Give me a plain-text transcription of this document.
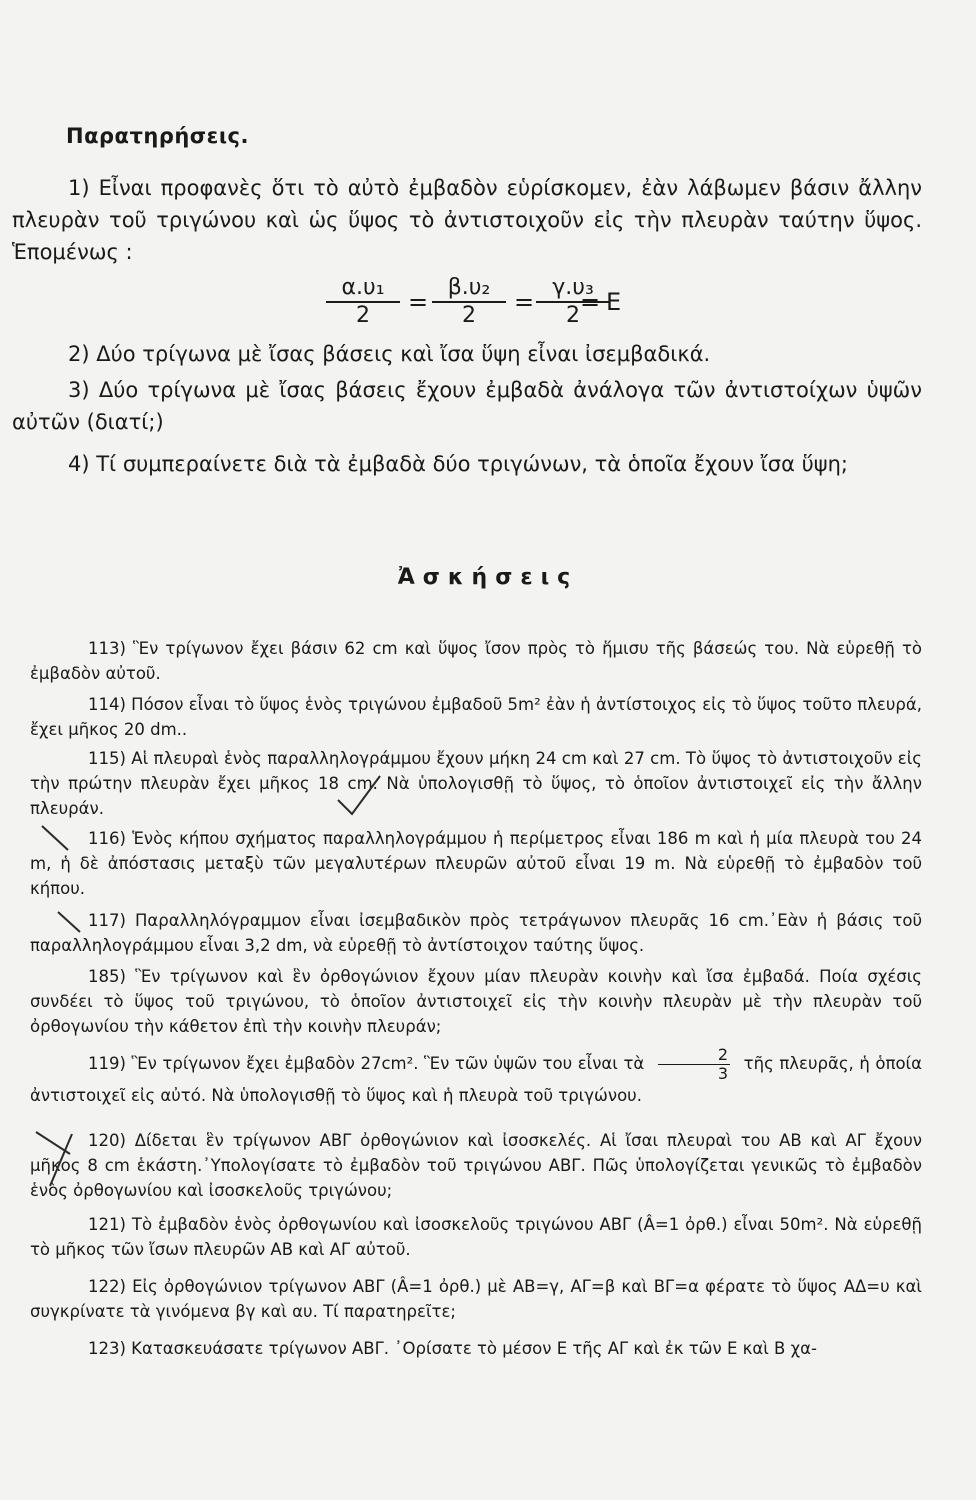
Παρατηρήσεις.
1) Εἶναι προφανὲς ὅτι τὸ αὐτὸ ἐμβαδὸν εὑρίσκομεν, ἐὰν λάβωμεν βάσιν ἄλλην πλευρὰν τοῦ τριγώνου καὶ ὡς ὕψος τὸ ἀντιστοιχοῦν εἰς τὴν πλευρὰν ταύτην ὕψος. Ἑπομένως :
$\frac{\text{α.υ₁}}{2} = \frac{\text{β.υ₂}}{2} = \frac{\text{γ.υ₃}}{2}$
= E
2) Δύο τρίγωνα μὲ ἴσας βάσεις καὶ ἴσα ὕψη εἶναι ἰσεμβαδικά.
3) Δύο τρίγωνα μὲ ἴσας βάσεις ἔχουν ἐμβαδὰ ἀνάλογα τῶν ἀντιστοίχων ὑψῶν αὐτῶν (διατί;)
4) Τί συμπεραίνετε διὰ τὰ ἐμβαδὰ δύο τριγώνων, τὰ ὁποῖα ἔχουν ἴσα ὕψη;
Ἀσκήσεις
113) Ἓν τρίγωνον ἔχει βάσιν 62 cm καὶ ὕψος ἴσον πρὸς τὸ ἥμισυ τῆς βάσεώς του. Νὰ εὑρεθῇ τὸ ἐμβαδὸν αὐτοῦ.
114) Πόσον εἶναι τὸ ὕψος ἑνὸς τριγώνου ἐμβαδοῦ 5m² ἐὰν ἡ ἀντίστοιχος εἰς τὸ ὕψος τοῦτο πλευρά, ἔχει μῆκος 20 dm..
115) Αἱ πλευραὶ ἑνὸς παραλληλογράμμου ἔχουν μήκη 24 cm καὶ 27 cm. Τὸ ὕψος τὸ ἀντιστοιχοῦν εἰς τὴν πρώτην πλευρὰν ἔχει μῆκος 18 cm. Νὰ ὑπολογισθῇ τὸ ὕψος, τὸ ὁποῖον ἀντιστοιχεῖ εἰς τὴν ἄλλην πλευράν.
116) Ἑνὸς κήπου σχήματος παραλληλογράμμου ἡ περίμετρος εἶναι 186 m καὶ ἡ μία πλευρὰ του 24 m, ἡ δὲ ἀπόστασις μεταξὺ τῶν μεγαλυτέρων πλευρῶν αὐτοῦ εἶναι 19 m. Νὰ εὑρεθῇ τὸ ἐμβαδὸν τοῦ κήπου.
117) Παραλληλόγραμμον εἶναι ἰσεμβαδικὸν πρὸς τετράγωνον πλευρᾶς 16 cm.᾿Εὰν ἡ βάσις τοῦ παραλληλογράμμου εἶναι 3,2 dm, νὰ εὑρεθῇ τὸ ἀντίστοιχον ταύτης ὕψος.
185) Ἓν τρίγωνον καὶ ἓν ὀρθογώνιον ἔχουν μίαν πλευρὰν κοινὴν καὶ ἴσα ἐμβαδά. Ποία σχέσις συνδέει τὸ ὕψος τοῦ τριγώνου, τὸ ὁποῖον ἀντιστοιχεῖ εἰς τὴν κοινὴν πλευρὰν μὲ τὴν πλευρὰν τοῦ ὀρθογωνίου τὴν κάθετον ἐπὶ τὴν κοινὴν πλευράν;
119) Ἓν τρίγωνον ἔχει ἐμβαδὸν 27cm². Ἓν τῶν ὑψῶν του εἶναι τὰ $\frac{2}{3}$ τῆς πλευρᾶς, ἡ ὁποία ἀντιστοιχεῖ εἰς αὐτό. Νὰ ὑπολογισθῇ τὸ ὕψος καὶ ἡ πλευρὰ τοῦ τριγώνου.
120) Δίδεται ἓν τρίγωνον ΑΒΓ ὀρθογώνιον καὶ ἰσοσκελές. Αἱ ἴσαι πλευραὶ του ΑΒ καὶ ΑΓ ἔχουν μῆκος 8 cm ἑκάστη.᾿Υπολογίσατε τὸ ἐμβαδὸν τοῦ τριγώνου ΑΒΓ. Πῶς ὑπολογίζεται γενικῶς τὸ ἐμβαδὸν ἑνὸς ὀρθογωνίου καὶ ἰσοσκελοῦς τριγώνου;
121) Τὸ ἐμβαδὸν ἑνὸς ὀρθογωνίου καὶ ἰσοσκελοῦς τριγώνου ΑΒΓ (Â=1 ὀρθ.) εἶναι 50m². Νὰ εὑρεθῇ τὸ μῆκος τῶν ἴσων πλευρῶν ΑΒ καὶ ΑΓ αὐτοῦ.
122) Εἰς ὀρθογώνιον τρίγωνον ΑΒΓ (Â=1 ὀρθ.) μὲ ΑΒ=γ, ΑΓ=β καὶ ΒΓ=α φέρατε τὸ ὕψος ΑΔ=υ καὶ συγκρίνατε τὰ γινόμενα βγ καὶ αυ. Τί παρατηρεῖτε;
123) Κατασκευάσατε τρίγωνον ΑΒΓ. ᾿Ορίσατε τὸ μέσον Ε τῆς ΑΓ καὶ ἐκ τῶν Ε καὶ Β χα-
